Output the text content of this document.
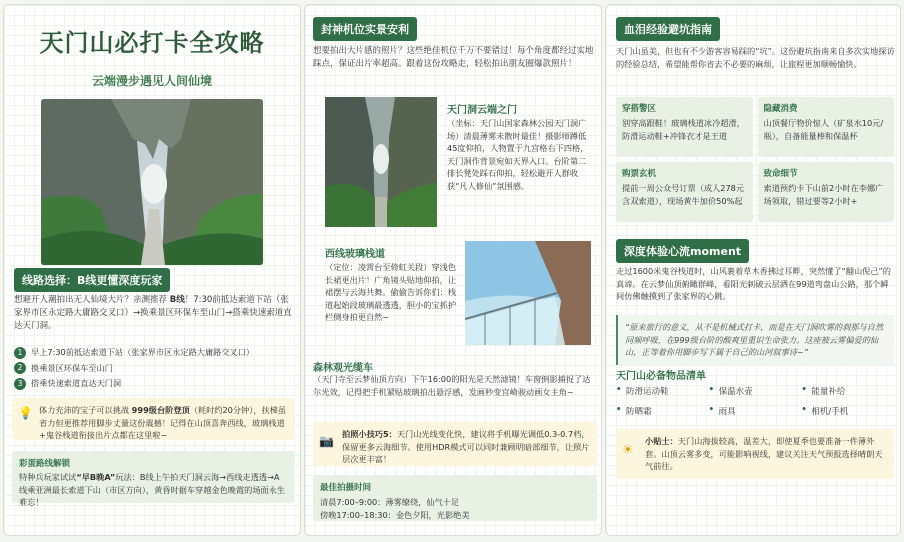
天门山必打卡全攻略
云端漫步遇见人间仙境
线路选择：B线更懂深度玩家
想避开人潮拍出无人仙境大片？亲测推荐 B线！7:30前抵达索道下站（张家界市区永定路大庸路交叉口）→换乘景区环保车至山门→搭乘快速索道直达天门洞。
1 早上7:30前抵达索道下站（张家界市区永定路大庸路交叉口）
2 换乘景区环保车至山门
3 搭乘快速索道直达天门洞
💡 体力充沛的宝子可以挑战 999级台阶登顶（耗时约20分钟），扶梯虽省力但更推荐用脚步丈量这份震撼！记得在山顶喜奔西线，玻璃栈道+鬼谷栈道衔接出片点都在这里啦~
彩蛋路线解锁
特种兵玩家试试“早B晚A”玩法：B线上午拍天门洞云海→西线走透透→A线乘亚洲最长索道下山（市区方向），黄昏时据车穿越金色晚霞的场面永生难忘！
封神机位实景安利
想要拍出大片感的照片？这些绝佳机位千万不要错过！每个角度都经过实地踩点，保证出片率超高。跟着这份攻略走，轻松拍出朋友圈爆款照片！
天门洞云端之门
（坐标：天门山国家森林公园天门洞广场）清晨薄雾未散时最佳！摄影师蹲低45度仰拍，人物置于九宫格右下四格，天门洞作背景宛如天界入口。台阶第二排长凳处踩石仰拍，轻松避开人群收获“凡人修仙”氛围感。
西线玻璃栈道
（定位：凌霄台至倚虹关段）穿浅色长裙更出片！广角镜头贴地仰拍，让裙摆与云海共舞。偷偷告诉你们：栈道起始段玻璃最透透，胆小的宝抓护栏侧身拍更自然~
森林观光缆车
（天门寺至云梦仙顶方向）下午16:00的阳光是天然滤镜！车窗倒影捕捉了达尔光效，记得把手机紧贴玻璃拍出悬浮感，发画秒变宫崎骏动画女主角~
📷 拍照小技巧5：天门山光线变化快，建议将手机曝光调低0.3-0.7档，保留更多云海细节。使用HDR模式可以同时兼顾明暗部细节，让照片层次更丰富！
最佳拍摄时间
清晨7:00–9:00：薄雾缭绕，仙气十足
傍晚17:00–18:30：金色夕阳，光影绝美
血泪经验避坑指南
天门山虽美，但也有不少游客容易踩的“坑”。这份避坑指南来自多次实地探访的经验总结，希望能帮你省去不必要的麻烦，让旅程更加顺畅愉快。
穿搭警区
别穿高跟鞋！玻璃栈道冰冷超滑，防滑运动鞋+冲锋衣才是王道
隐藏消费
山顶餐厅物价惊人（矿泉水10元/瓶），自备能量棒和保温杯
购票玄机
提前一周公众号订票（成人278元含双索道），现场黄牛加价50%起
致命细节
索道预约卡下山前2小时在李娜广场领取，错过要等2小时+
深度体验心流moment
走过1600米鬼谷栈道时，山风裹着草木香拂过耳畔，突然懂了“翻山倪己”的真谛。在云梦仙顶俯瞰群峰，看阳光刺破云层洒在99道弯盘山公路，那个瞬间仿佛触摸到了张家界的心跳。
“原来旅行的意义，从不是机械式打卡，而是在天门洞吹雾的刹那与自然同频呼吸，在999级台阶的酸爽里重识生命张力。这座被云雾偏爱的仙山，正等着你用脚步写下属于自己的山河叙事诗~”
天门山必备物品清单
• 防滑运动鞋	• 保温水壶	• 能量补给
• 防晒霜	• 雨具	• 相机/手机
☀
小贴士：天门山海拔较高，温差大，即使夏季也要准备一件薄外套。山顶云雾多变，可能影响视线，建议关注天气预报选择晴朗天气前往。
